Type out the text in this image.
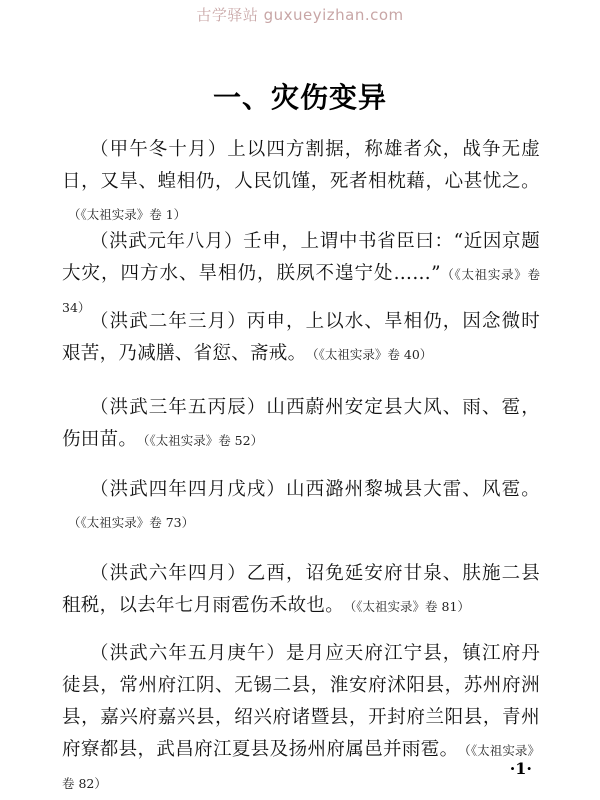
古学驿站 guxueyizhan.com
一、灾伤变异
（甲午冬十月）上以四方割据，称雄者众，战争无虚日，又旱、蝗相仍，人民饥馑，死者相枕藉，心甚忧之。（《太祖实录》卷 1）
（洪武元年八月）壬申，上谓中书省臣曰：“近因京题大灾，四方水、旱相仍，朕夙不遑宁处……” （《太祖实录》卷 34）
（洪武二年三月）丙申，上以水、旱相仍，因念微时艰苦，乃减膳、省愆、斋戒。 （《太祖实录》卷 40）
（洪武三年五丙辰）山西蔚州安定县大风、雨、雹，伤田苗。 （《太祖实录》卷 52）
（洪武四年四月戊戌）山西潞州黎城县大雷、风雹。（《太祖实录》卷 73）
（洪武六年四月）乙酉，诏免延安府甘泉、肤施二县租税，以去年七月雨雹伤禾故也。 （《太祖实录》卷 81）
（洪武六年五月庚午）是月应天府江宁县，镇江府丹徒县，常州府江阴、无锡二县，淮安府沭阳县，苏州府洲县，嘉兴府嘉兴县，绍兴府诸暨县，开封府兰阳县，青州府寮都县，武昌府江夏县及扬州府属邑并雨雹。 （《太祖实录》卷 82）
·1·
